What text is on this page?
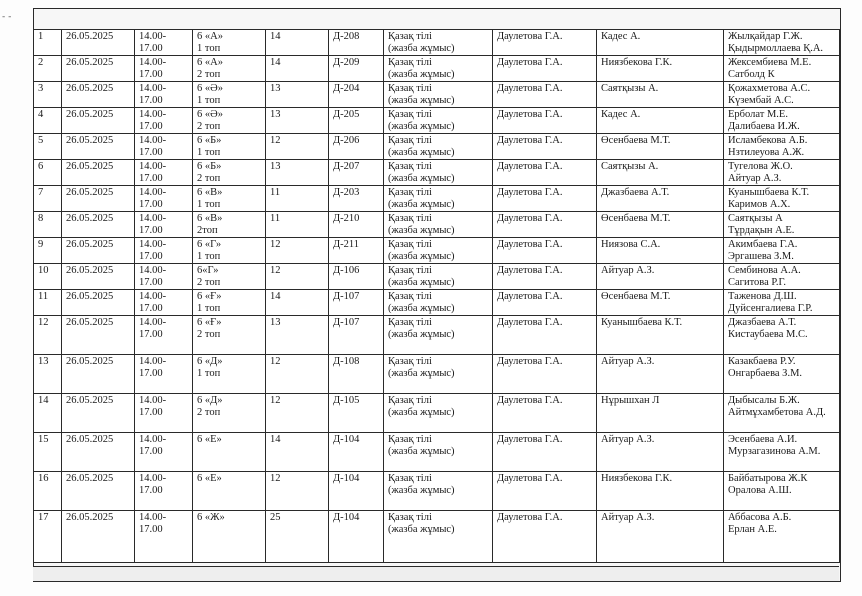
- -
1	26.05.2025	14.00-
17.00	6 «А»
1 топ	14	Д-208	Қазақ тілі
(жазба жұмыс)	Даулетова Г.А.	Кадес А.	Жылқайдар Г.Ж.
Қыдырмоллаева Қ.А.

2	26.05.2025	14.00-
17.00	6 «А»
2 топ	14	Д-209	Қазақ тілі
(жазба жұмыс)	Даулетова Г.А.	Ниязбекова Г.К.	Жексембиева М.Е.
Сатболд К

3	26.05.2025	14.00-
17.00	6 «Ә»
1 топ	13	Д-204	Қазақ тілі
(жазба жұмыс)	Даулетова Г.А.	Саятқызы А.	Қожахметова А.С.
Күзембай А.С.

4	26.05.2025	14.00-
17.00	6 «Ә»
2 топ	13	Д-205	Қазақ тілі
(жазба жұмыс)	Даулетова Г.А.	Кадес А.	Ерболат М.Е.
Далибаева И.Ж.

5	26.05.2025	14.00-
17.00	6 «Б»
1 топ	12	Д-206	Қазақ тілі
(жазба жұмыс)	Даулетова Г.А.	Өсенбаева М.Т.	Исламбекова А.Б.
Нзтилеуова А.Ж.

6	26.05.2025	14.00-
17.00	6 «Б»
2 топ	13	Д-207	Қазақ тілі
(жазба жұмыс)	Даулетова Г.А.	Саятқызы А.	Тугелова Ж.О.
Айтуар А.З.

7	26.05.2025	14.00-
17.00	6 «В»
1 топ	11	Д-203	Қазақ тілі
(жазба жұмыс)	Даулетова Г.А.	Джазбаева А.Т.	Куанышбаева К.Т.
Каримов А.Х.

8	26.05.2025	14.00-
17.00	6 «В»
2топ	11	Д-210	Қазақ тілі
(жазба жұмыс)	Даулетова Г.А.	Өсенбаева М.Т.	Саятқызы А
Тұрдақын А.Е.

9	26.05.2025	14.00-
17.00	6 «Г»
1 топ	12	Д-211	Қазақ тілі
(жазба жұмыс)	Даулетова Г.А.	Ниязова С.А.	Акимбаева Г.А.
Эргашева З.М.

10	26.05.2025	14.00-
17.00	6«Г»
2 топ	12	Д-106	Қазақ тілі
(жазба жұмыс)	Даулетова Г.А.	Айтуар А.З.	Сембинова А.А.
Сагитова Р.Г.

11	26.05.2025	14.00-
17.00	6 «Ғ»
1 топ	14	Д-107	Қазақ тілі
(жазба жұмыс)	Даулетова Г.А.	Өсенбаева М.Т.	Таженова Д.Ш.
Дуйсенгалиева Г.Р.

12	26.05.2025	14.00-
17.00	6 «Ғ»
2 топ	13	Д-107	Қазақ тілі
(жазба жұмыс)	Даулетова Г.А.	Куанышбаева К.Т.	Джазбаева А.Т.
Кистаубаева М.С.

13	26.05.2025	14.00-
17.00	6 «Д»
1 топ	12	Д-108	Қазақ тілі
(жазба жұмыс)	Даулетова Г.А.	Айтуар А.З.	Казакбаева Р.У.
Онгарбаева З.М.

14	26.05.2025	14.00-
17.00	6 «Д»
2 топ	12	Д-105	Қазақ тілі
(жазба жұмыс)	Даулетова Г.А.	Нұрышхан Л	Дыбысалы Б.Ж.
Айтмұхамбетова А.Д.

15	26.05.2025	14.00-
17.00	6 «Е»	14	Д-104	Қазақ тілі
(жазба жұмыс)	Даулетова Г.А.	Айтуар А.З.	Эсенбаева А.И.
Мурзагазинова А.М.

16	26.05.2025	14.00-
17.00	6 «Е»	12	Д-104	Қазақ тілі
(жазба жұмыс)	Даулетова Г.А.	Ниязбекова Г.К.	Байбатырова Ж.К
Оралова А.Ш.

17	26.05.2025	14.00-
17.00	6 «Ж»	25	Д-104	Қазақ тілі
(жазба жұмыс)	Даулетова Г.А.	Айтуар А.З.	Аббасова А.Б.
Ерлан А.Е.
